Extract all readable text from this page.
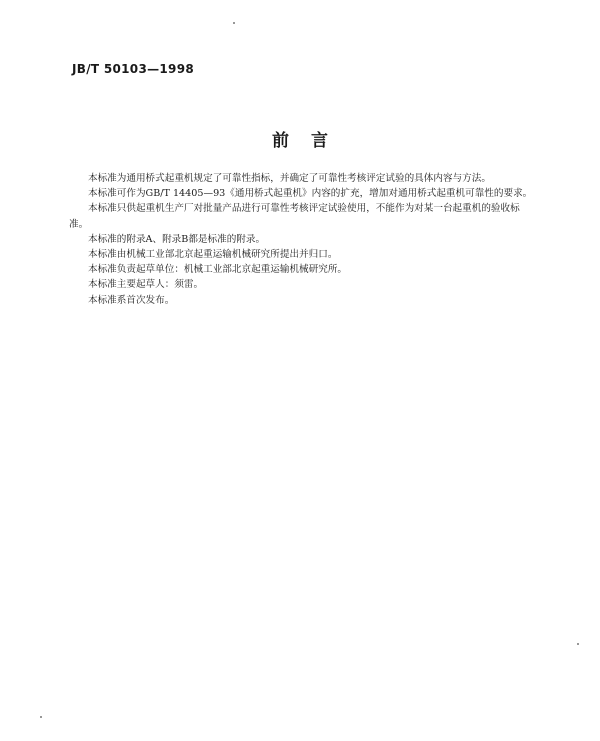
JB/T 50103—1998
前言

本标准为通用桥式起重机规定了可靠性指标，并确定了可靠性考核评定试验的具体内容与方法。

本标准可作为GB/T 14405—93《通用桥式起重机》内容的扩充，增加对通用桥式起重机可靠性的要求。

本标准只供起重机生产厂对批量产品进行可靠性考核评定试验使用，不能作为对某一台起重机的验收标准。

本标准的附录A、附录B都是标准的附录。

本标准由机械工业部北京起重运输机械研究所提出并归口。

本标准负责起草单位：机械工业部北京起重运输机械研究所。

本标准主要起草人：须雷。

本标准系首次发布。
